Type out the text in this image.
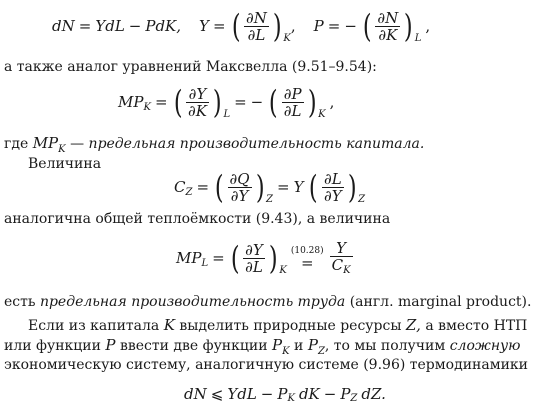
dN = YdL − PdK, Y = ( $\frac{\partial N}{\partial L}$ ) K
, P = − ( $\frac{\partial N}{\partial K}$ ) L
,
а также аналог уравнений Максвелла (9.51–9.54):
MP K = ( $\frac{\partial Y}{\partial K}$ ) L
= − ( $\frac{\partial P}{\partial L}$ ) K
,
где $MP_K$ — предельная производительность капитала.
Величина
C Z = ( $\frac{\partial Q}{\partial Y}$ ) Z
= Y ( $\frac{\partial L}{\partial Y}$ ) Z
аналогична общей теплоёмкости (9.43), а величина
MP L = ( $\frac{\partial Y}{\partial L}$ ) K
(10.28)
= $\frac{Y}{C_K}$
есть предельная производительность труда (англ. marginal product).
Если из капитала K выделить природные ресурсы Z, а вместо НТП
или функции P ввести две функции $P_K$ и $P_Z$, то мы получим сложную
экономическую систему, аналогичную системе (9.96) термодинамики
dN ⩽ YdL − P K dK − P Z dZ.
